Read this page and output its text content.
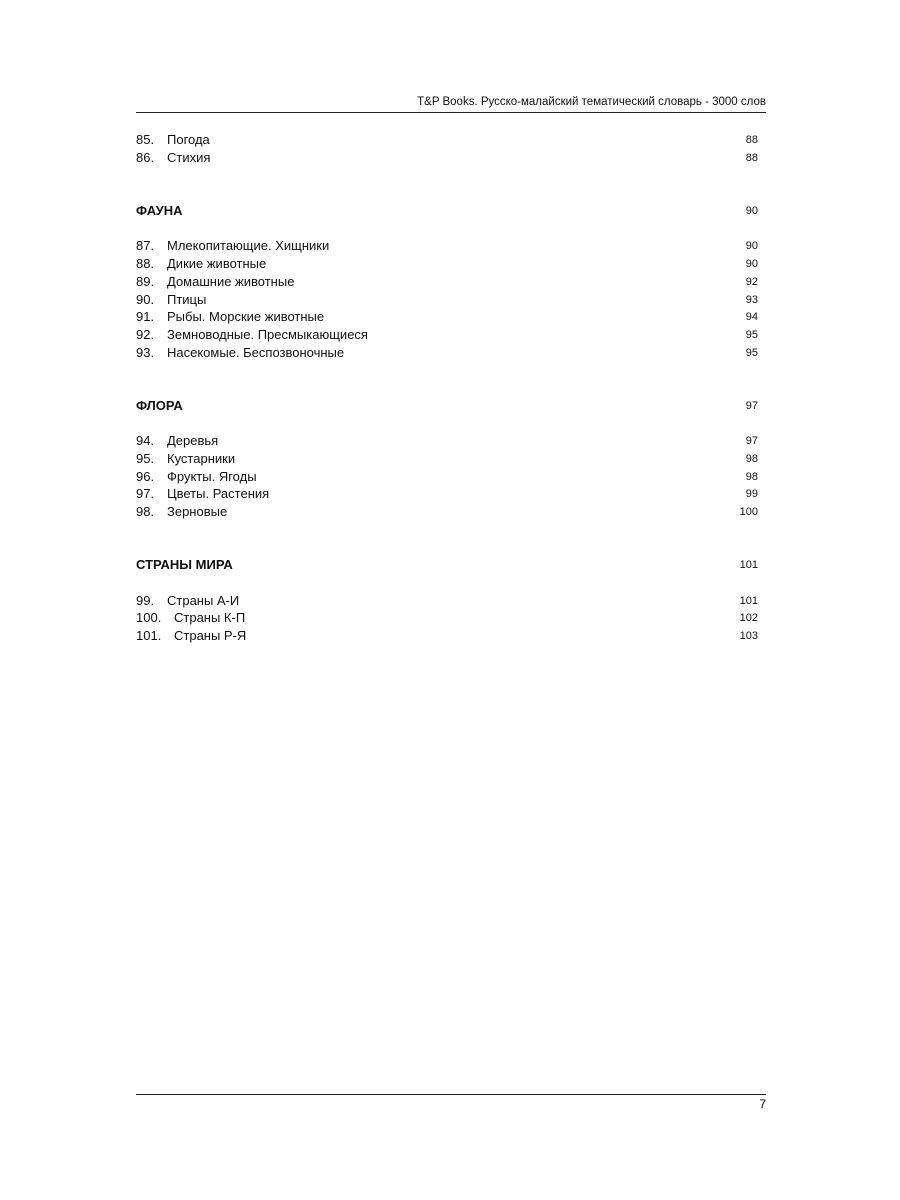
T&P Books. Русско-малайский тематический словарь - 3000 слов
85. Погода	88
86. Стихия	88
ФАУНА	90
87. Млекопитающие. Хищники	90
88. Дикие животные	90
89. Домашние животные	92
90. Птицы	93
91. Рыбы. Морские животные	94
92. Земноводные. Пресмыкающиеся	95
93. Насекомые. Беспозвоночные	95
ФЛОРА	97
94. Деревья	97
95. Кустарники	98
96. Фрукты. Ягоды	98
97. Цветы. Растения	99
98. Зерновые	100
СТРАНЫ МИРА	101
99. Страны А-И	101
100. Страны К-П	102
101. Страны Р-Я	103
7
